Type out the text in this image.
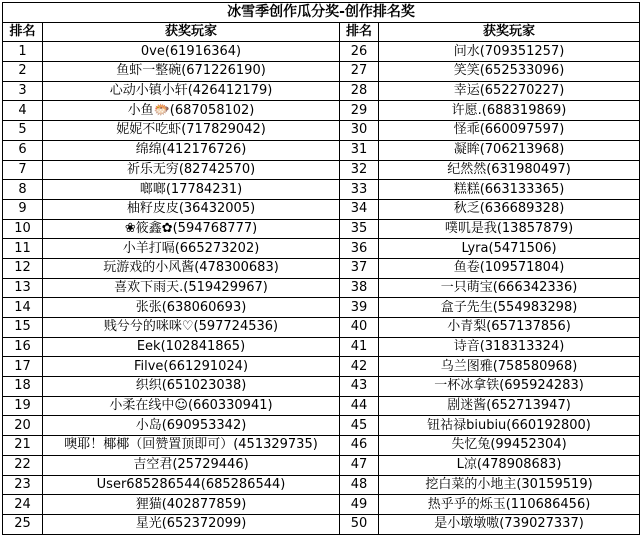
冰雪季创作瓜分奖-创作排名奖			
排名	获奖玩家	排名	获奖玩家
1	0ve(61916364)	26	问水(709351257)
2	鱼虾一整碗(671226190)	27	笑笑(652533096)
3	心动小镇小轩(426412179)	28	幸运(652270227)
4	小鱼🐡(687058102)	29	许愿.(688319869)
5	妮妮不吃虾(717829042)	30	怪乖(660097597)
6	绵绵(412176726)	31	凝眸(706213968)
7	祈乐无穷(82742570)	32	纪然然(631980497)
8	啷啷(17784231)	33	糕糕(663133365)
9	柚籽皮皮(36432005)	34	秋乏(636689328)
10	❀筱鑫✿(594768777)	35	噗叽是我(13857879)
11	小羊打嗝(665273202)	36	Lyra(5471506)
12	玩游戏的小风酱(478300683)	37	鱼卷(109571804)
13	喜欢下雨天.(519429967)	38	一只萌宝(666342336)
14	张张(638060693)	39	盒子先生(554983298)
15	贱兮兮的咪咪♡(597724536)	40	小青梨(657137856)
16	Eek(102841865)	41	诗音(318313324)
17	Filve(661291024)	42	乌兰图雅(758580968)
18	织织(651023038)	43	一杯冰拿铁(695924283)
19	小柔在线中☺(660330941)	44	剧迷酱(652713947)
20	小岛(690953342)	45	钮祜禄biubiu(660192800)
21	噢耶！椰椰（回赞置顶即可）(451329735)	46	失忆兔(99452304)
22	吉空君(25729446)	47	L凉(478908683)
23	User685286544(685286544)	48	挖白菜的小地主(30159519)
24	狸猫(402877859)	49	热乎乎的烁玉(110686456)
25	星光(652372099)	50	是小墩墩嗷(739027337)
